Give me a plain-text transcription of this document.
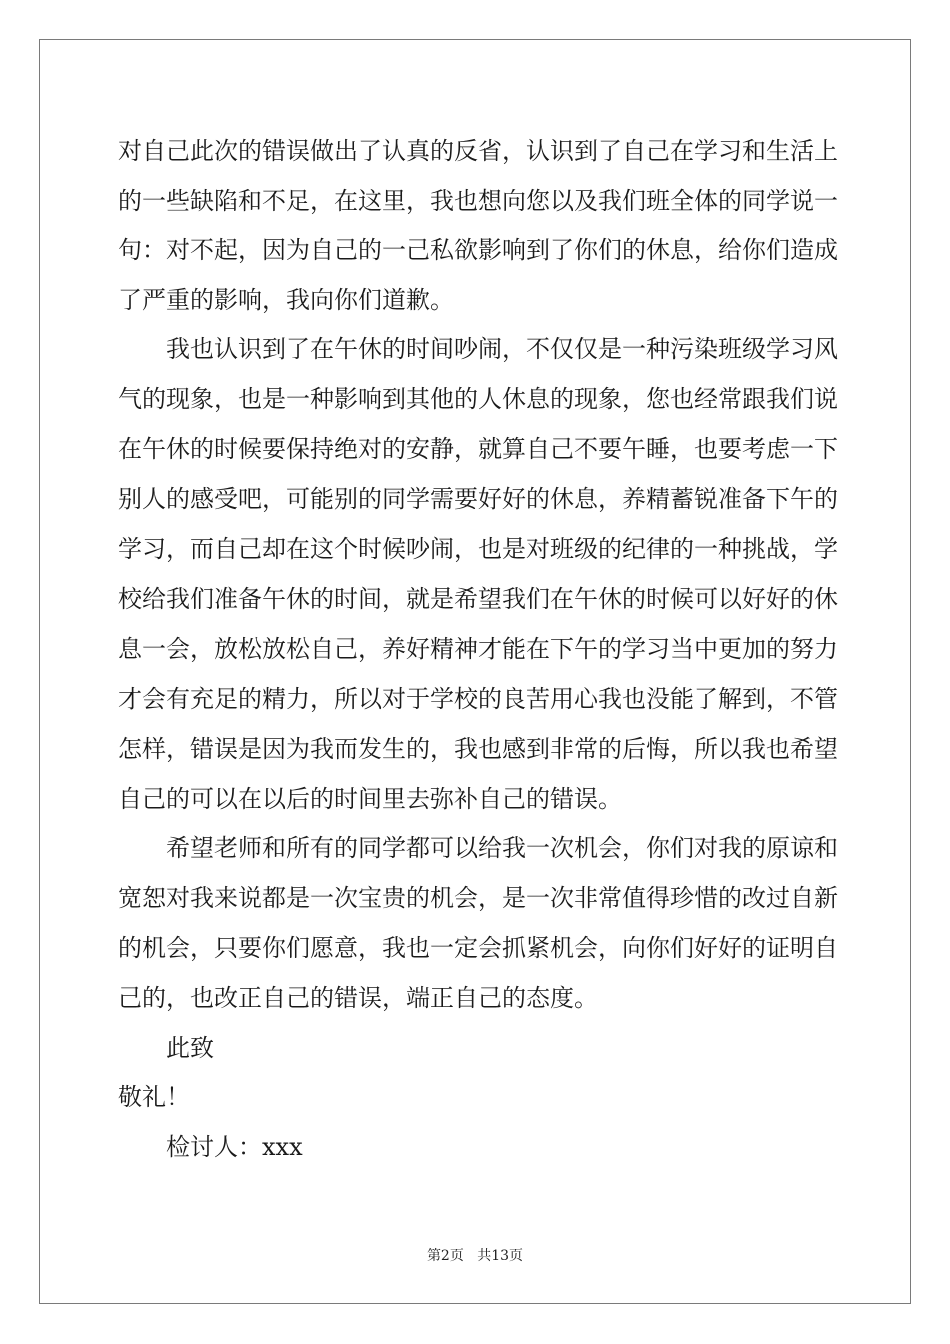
对自己此次的错误做出了认真的反省，认识到了自己在学习和生活上
的一些缺陷和不足，在这里，我也想向您以及我们班全体的同学说一
句：对不起，因为自己的一己私欲影响到了你们的休息，给你们造成
了严重的影响，我向你们道歉。
　　我也认识到了在午休的时间吵闹，不仅仅是一种污染班级学习风
气的现象，也是一种影响到其他的人休息的现象，您也经常跟我们说
在午休的时候要保持绝对的安静，就算自己不要午睡，也要考虑一下
别人的感受吧，可能别的同学需要好好的休息，养精蓄锐准备下午的
学习，而自己却在这个时候吵闹，也是对班级的纪律的一种挑战，学
校给我们准备午休的时间，就是希望我们在午休的时候可以好好的休
息一会，放松放松自己，养好精神才能在下午的学习当中更加的努力
才会有充足的精力，所以对于学校的良苦用心我也没能了解到，不管
怎样，错误是因为我而发生的，我也感到非常的后悔，所以我也希望
自己的可以在以后的时间里去弥补自己的错误。
　　希望老师和所有的同学都可以给我一次机会，你们对我的原谅和
宽恕对我来说都是一次宝贵的机会，是一次非常值得珍惜的改过自新
的机会，只要你们愿意，我也一定会抓紧机会，向你们好好的证明自
己的，也改正自己的错误，端正自己的态度。
　　此致
敬礼！
　　检讨人：xxx
第2页 共13页
